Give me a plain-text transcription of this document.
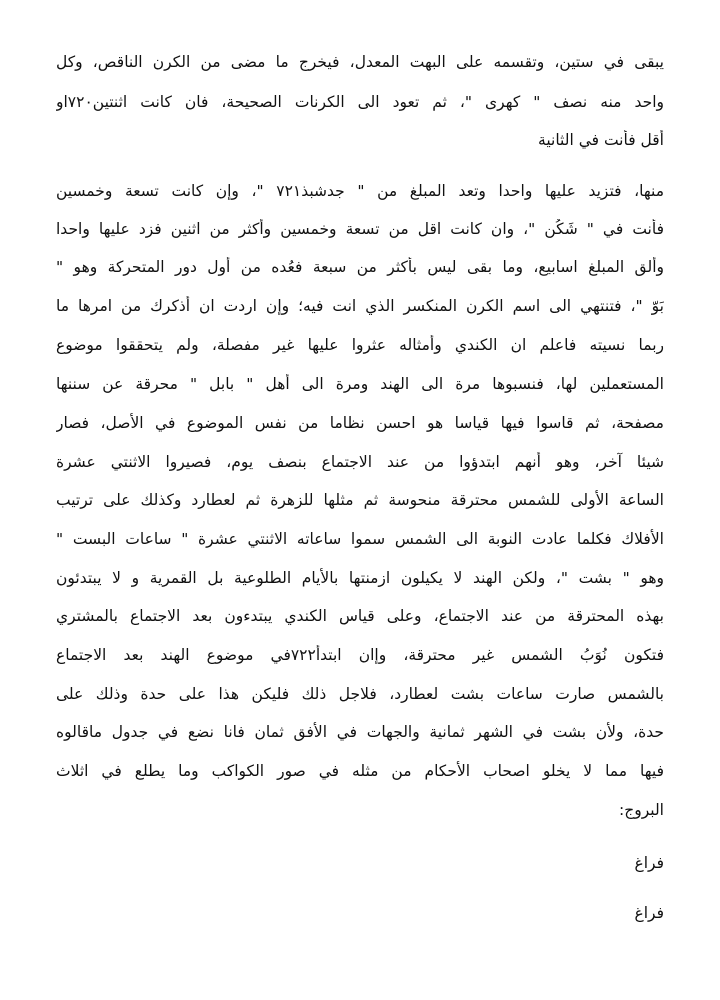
يبقى في ستين، وتقسمه على البهت المعدل، فيخرج ما مضى من الكرن الناقص، وكل
واحد منه نصف " كهرى "، ثم تعود الى الكرنات الصحيحة، فان كانت اثنتين٧٢٠او
أقل فأنت في الثانية
منها، فتزيد عليها واحدا وتعد المبلغ من " جدشبذ٧٢١ "، وإن كانت تسعة وخمسين
فأنت في " شَكُن "، وان كانت اقل من تسعة وخمسين وأكثر من اثنين فزد عليها واحدا
وألق المبلغ اسابيع، وما بقى ليس بأكثر من سبعة فعُده من أول دور المتحركة وهو "
بَوّ "، فتنتهي الى اسم الكرن المنكسر الذي انت فيه؛ وإن اردت ان أذكرك من امرها ما
ربما نسيته فاعلم ان الكندي وأمثاله عثروا عليها غير مفصلة، ولم يتحققوا موضوع
المستعملين لها، فنسبوها مرة الى الهند ومرة الى أهل " بابل " محرقة عن سننها
مصفحة، ثم قاسوا فيها قياسا هو احسن نظاما من نفس الموضوع في الأصل، فصار
شيئا آخر، وهو أنهم ابتدؤوا من عند الاجتماع بنصف يوم، فصيروا الاثنتي عشرة
الساعة الأولى للشمس محترقة منحوسة ثم مثلها للزهرة ثم لعطارد وكذلك على ترتيب
الأفلاك فكلما عادت النوبة الى الشمس سموا ساعاته الاثنتي عشرة " ساعات البست "
وهو " بشت "، ولكن الهند لا يكيلون ازمنتها بالأيام الطلوعية بل القمرية و لا يبتدئون
بهذه المحترقة من عند الاجتماع، وعلى قياس الكندي يبتدءون بعد الاجتماع بالمشتري
فتكون نُوَبُ الشمس غير محترقة، وإان ابتدأ٧٢٢في موضوع الهند بعد الاجتماع
بالشمس صارت ساعات بشت لعطارد، فلاجل ذلك فليكن هذا على حدة وذلك على
حدة، ولأن بشت في الشهر ثمانية والجهات في الأفق ثمان فانا نضع في جدول ماقالوه
فيها مما لا يخلو اصحاب الأحكام من مثله في صور الكواكب وما يطلع في اثلاث
البروج:
فراغ
فراغ
